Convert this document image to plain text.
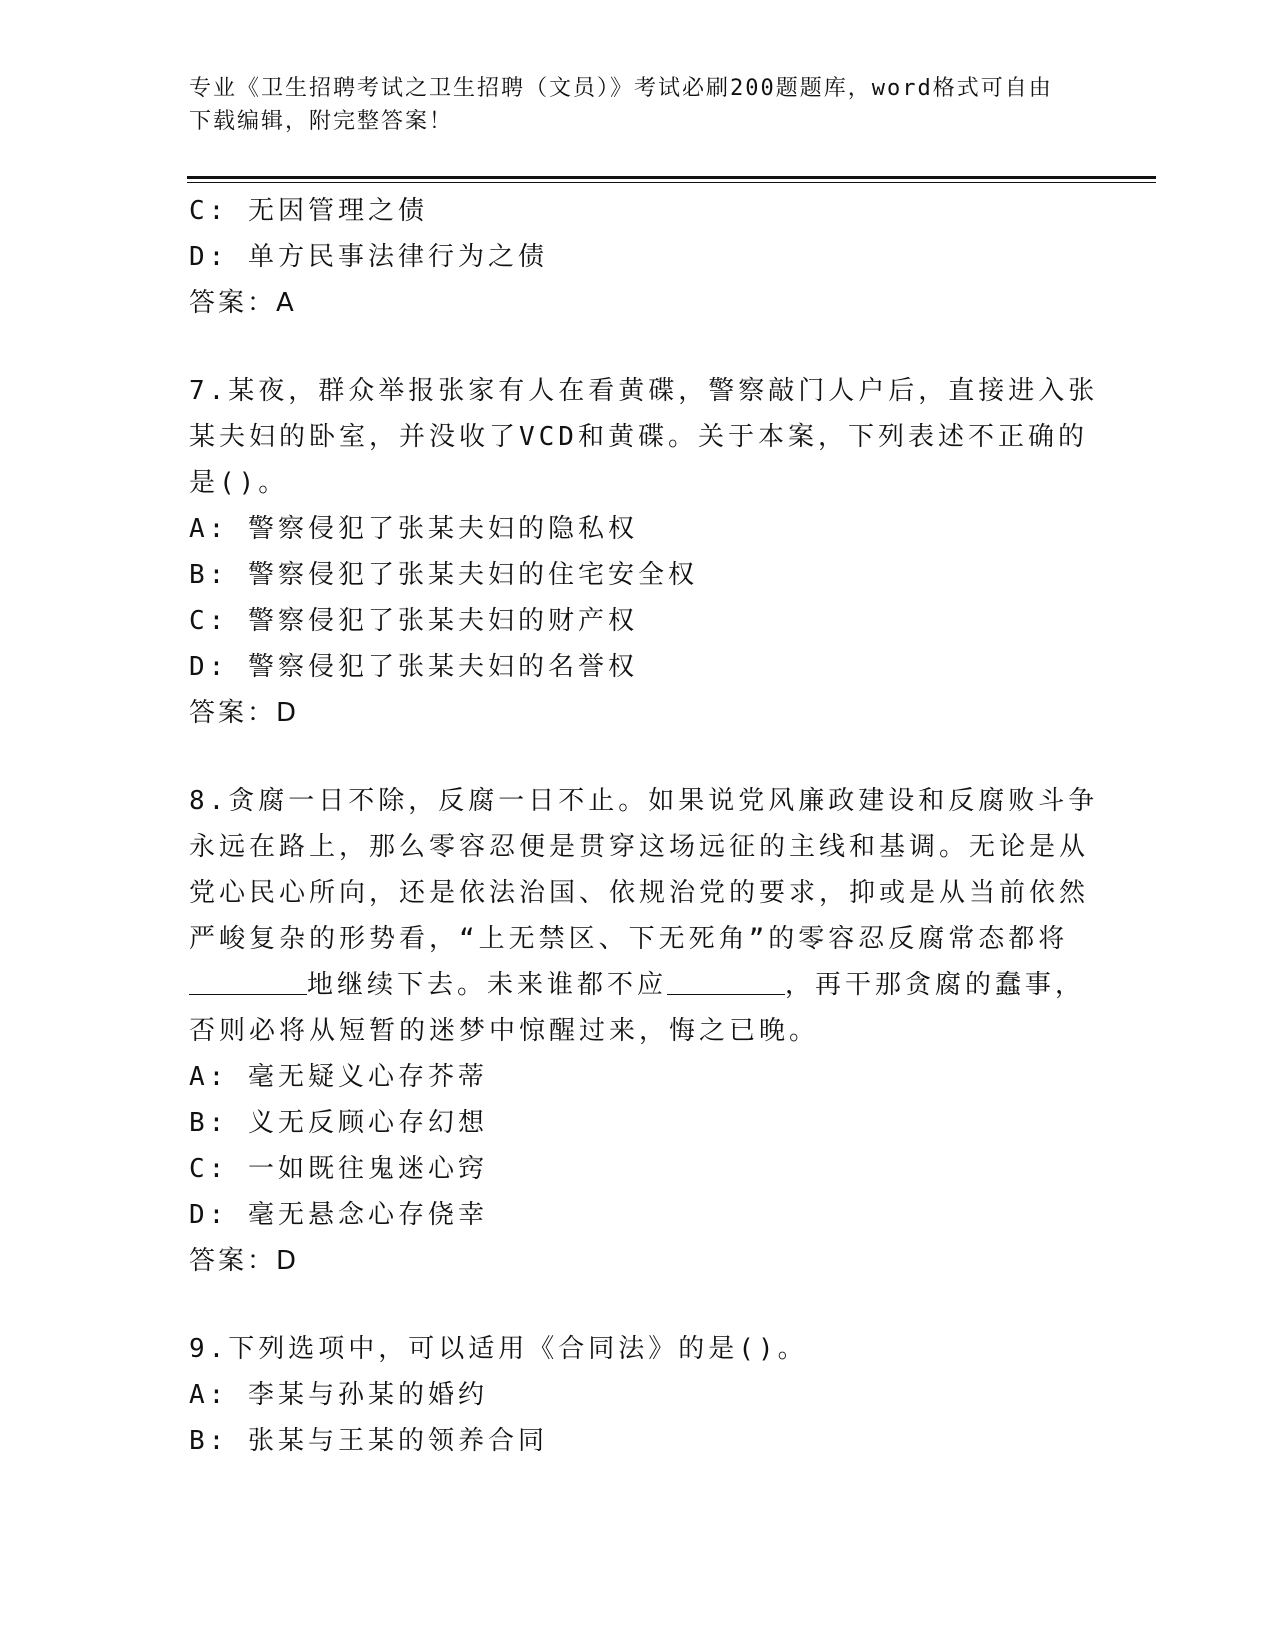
专业《卫生招聘考试之卫生招聘（文员）》考试必刷200题题库，word格式可自由下载编辑，附完整答案！

C: 无因管理之债

D: 单方民事法律行为之债

答案：A

7.某夜，群众举报张家有人在看黄碟，警察敲门人户后，直接进入张

某夫妇的卧室，并没收了VCD和黄碟。关于本案，下列表述不正确的

是()。

A: 警察侵犯了张某夫妇的隐私权

B: 警察侵犯了张某夫妇的住宅安全权

C: 警察侵犯了张某夫妇的财产权

D: 警察侵犯了张某夫妇的名誉权

答案：D

8.贪腐一日不除，反腐一日不止。如果说党风廉政建设和反腐败斗争

永远在路上，那么零容忍便是贯穿这场远征的主线和基调。无论是从

党心民心所向，还是依法治国、依规治党的要求，抑或是从当前依然

严峻复杂的形势看，“上无禁区、下无死角”的零容忍反腐常态都将

地继续下去。未来谁都不应	，再干那贪腐的蠢事，

否则必将从短暂的迷梦中惊醒过来，悔之已晚。

A: 毫无疑义心存芥蒂

B: 义无反顾心存幻想

C: 一如既往鬼迷心窍

D: 毫无悬念心存侥幸

答案：D

9.下列选项中，可以适用《合同法》的是()。

A: 李某与孙某的婚约

B: 张某与王某的领养合同
